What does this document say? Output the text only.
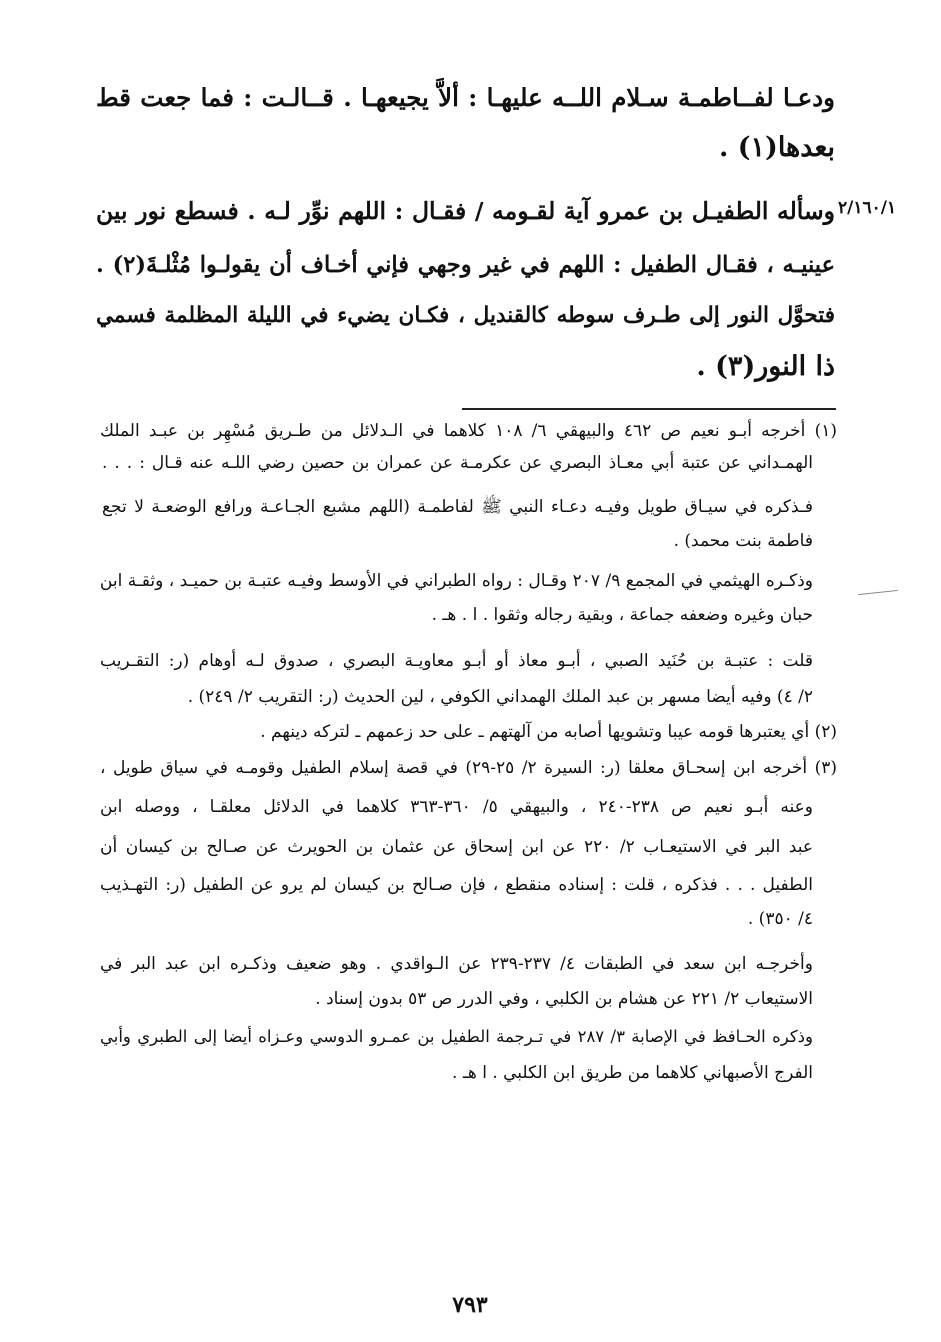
ودعـا لفــاطمـة سـلام اللــه عليهـا : ألاَّ يجيعهـا . قــالـت : فما جعت قط
بعدها(١) .
٢/١٦٠/١
وسأله الطفيـل بن عمرو آية لقـومه / فقـال : اللهم نوِّر لـه . فسطع نور بين
عينيـه ، فقـال الطفيل : اللهم في غير وجهي فإني أخـاف أن يقولـوا مُثْلـةَ(٢) .
فتحوَّل النور إلى طـرف سوطه كالقنديل ، فكـان يضيء في الليلة المظلمة فسمي
ذا النور(٣) .
(١) أخرجه أبـو نعيم ص ٤٦٢ والبيهقي ٦/ ١٠٨ كلاهما في الـدلائل من طـريق مُسْهِر بن عبـد الملك
الهمـداني عن عتبة أبي معـاذ البصري عن عكرمـة عن عمران بن حصين رضي اللـه عنه قـال : . . .
فـذكره في سيـاق طويل وفيـه دعـاء النبي ﷺ لفاطمـة (اللهم مشبع الجـاعـة ورافع الوضعـة لا تجع
فاطمة بنت محمد) .
وذكـره الهيثمي في المجمع ٩/ ٢٠٧ وقـال : رواه الطبراني في الأوسط وفيـه عتبـة بن حميـد ، وثقـة ابن
حبان وغيره وضعفه جماعة ، وبقية رجاله وثقوا . ا . هـ .
قلت : عتبـة بن حُنَيد الصبي ، أبـو معاذ أو أبـو معاويـة البصري ، صدوق لـه أوهام (ر: التقـريب
٢/ ٤) وفيه أيضا مسهر بن عبد الملك الهمداني الكوفي ، لين الحديث (ر: التقريب ٢/ ٢٤٩) .
(٢) أي يعتبرها قومه عيبا وتشويها أصابه من آلهتهم ـ على حد زعمهم ـ لتركه دينهم .
(٣) أخرجه ابن إسحـاق معلقا (ر: السيرة ٢/ ٢٥-٢٩) في قصة إسلام الطفيل وقومـه في سياق طويل ،
وعنه أبـو نعيم ص ٢٣٨-٢٤٠ ، والبيهقي ٥/ ٣٦٠-٣٦٣ كلاهما في الدلائل معلقـا ، ووصله ابن
عبد البر في الاستيعـاب ٢/ ٢٢٠ عن ابن إسحاق عن عثمان بن الحويرث عن صـالح بن كيسان أن
الطفيل . . . فذكره ، قلت : إسناده منقطع ، فإن صـالح بن كيسان لم يرو عن الطفيل (ر: التهـذيب
٤/ ٣٥٠) .
وأخرجـه ابن سعد في الطبقات ٤/ ٢٣٧-٢٣٩ عن الـواقدي . وهو ضعيف وذكـره ابن عبد البر في
الاستيعاب ٢/ ٢٢١ عن هشام بن الكلبي ، وفي الدرر ص ٥٣ بدون إسناد .
وذكره الحـافظ في الإصابة ٣/ ٢٨٧ في تـرجمة الطفيل بن عمـرو الدوسي وعـزاه أيضا إلى الطبري وأبي
الفرج الأصبهاني كلاهما من طريق ابن الكلبي . ا هـ .
٧٩٣
